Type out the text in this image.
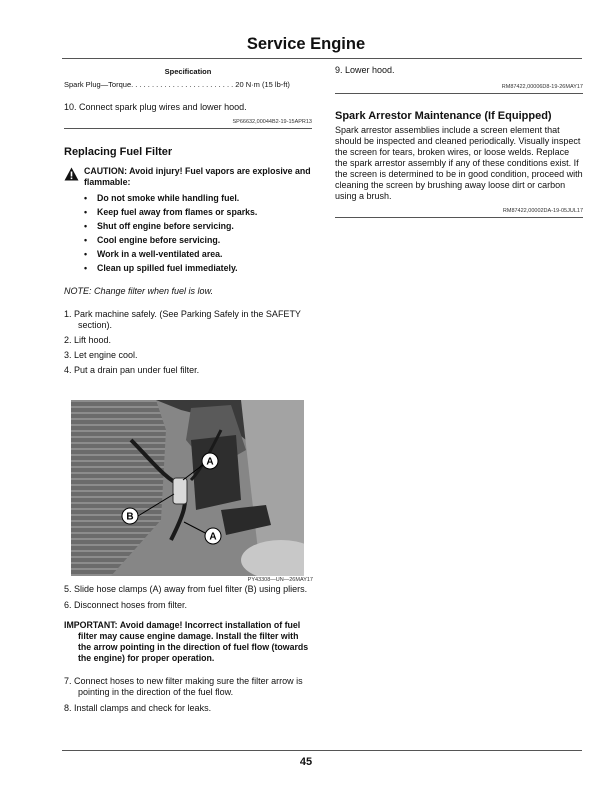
Service Engine
Specification
Spark Plug—Torque. . . . . . . . . . . . . . . . . . . . . . . . . 20 N·m (15 lb-ft)
10. Connect spark plug wires and lower hood.
SP66632,00044B2-19-15APR13
Replacing Fuel Filter
CAUTION: Avoid injury! Fuel vapors are explosive and flammable:
• Do not smoke while handling fuel.
• Keep fuel away from flames or sparks.
• Shut off engine before servicing.
• Cool engine before servicing.
• Work in a well-ventilated area.
• Clean up spilled fuel immediately.
NOTE: Change filter when fuel is low.
1. Park machine safely. (See Parking Safely in the SAFETY section).
2. Lift hood.
3. Let engine cool.
4. Put a drain pan under fuel filter.
A
B
A
PY43308—UN—26MAY17
5. Slide hose clamps (A) away from fuel filter (B) using pliers.
6. Disconnect hoses from filter.
IMPORTANT: Avoid damage! Incorrect installation of fuel filter may cause engine damage. Install the filter with the arrow pointing in the direction of fuel flow (towards the engine) for proper operation.
7. Connect hoses to new filter making sure the filter arrow is pointing in the direction of the fuel flow.
8. Install clamps and check for leaks.
9. Lower hood.
RM87422,00006D8-19-26MAY17
Spark Arrestor Maintenance (If Equipped)
Spark arrestor assemblies include a screen element that should be inspected and cleaned periodically. Visually inspect the screen for tears, broken wires, or loose welds. Replace the spark arrestor assembly if any of these conditions exist. If the screen is determined to be in good condition, proceed with cleaning the screen by brushing away loose dirt or carbon using a brush.
RM87422,00002DA-19-05JUL17
45
